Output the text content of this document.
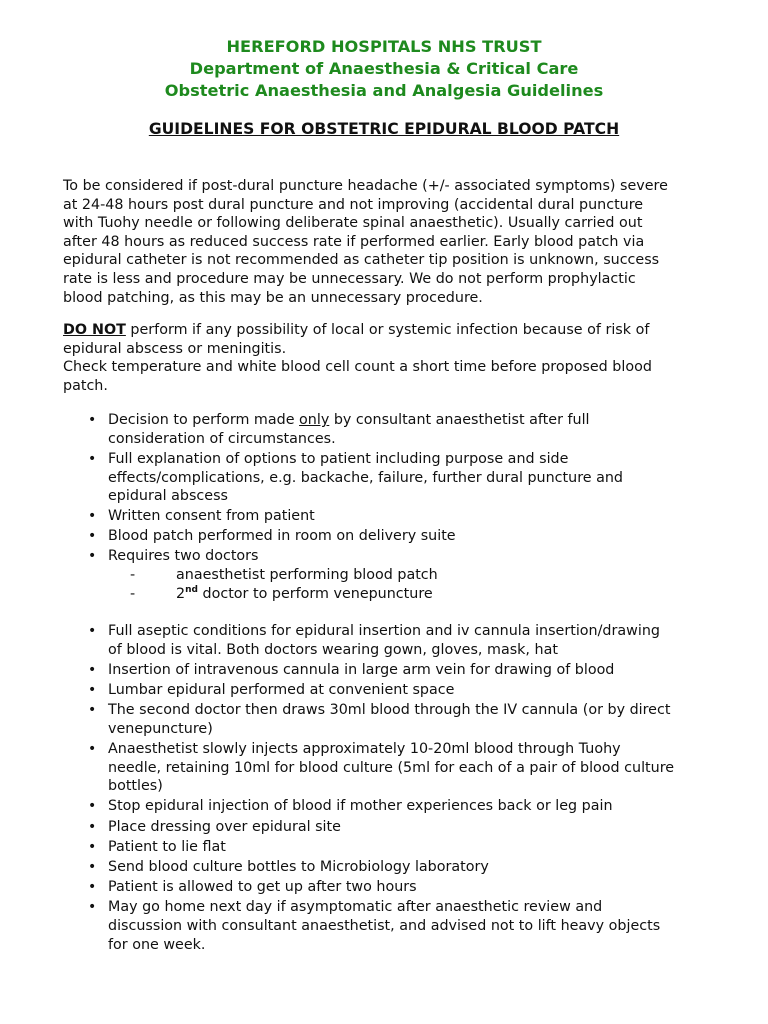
HEREFORD HOSPITALS NHS TRUST
Department of Anaesthesia & Critical Care
Obstetric Anaesthesia and Analgesia Guidelines
GUIDELINES FOR OBSTETRIC EPIDURAL BLOOD PATCH

To be considered if post-dural puncture headache (+/- associated symptoms) severe
at 24-48 hours post dural puncture and not improving (accidental dural puncture
with Tuohy needle or following deliberate spinal anaesthetic). Usually carried out
after 48 hours as reduced success rate if performed earlier. Early blood patch via
epidural catheter is not recommended as catheter tip position is unknown, success
rate is less and procedure may be unnecessary. We do not perform prophylactic
blood patching, as this may be an unnecessary procedure.

DO NOT perform if any possibility of local or systemic infection because of risk of
epidural abscess or meningitis.
Check temperature and white blood cell count a short time before proposed blood
patch.

• Decision to perform made only by consultant anaesthetist after full
consideration of circumstances.
• Full explanation of options to patient including purpose and side
effects/complications, e.g. backache, failure, further dural puncture and
epidural abscess
• Written consent from patient
• Blood patch performed in room on delivery suite
• Requires two doctors
-	anaesthetist performing blood patch
-	2nd doctor to perform venepuncture
• Full aseptic conditions for epidural insertion and iv cannula insertion/drawing
of blood is vital. Both doctors wearing gown, gloves, mask, hat
• Insertion of intravenous cannula in large arm vein for drawing of blood
• Lumbar epidural performed at convenient space
• The second doctor then draws 30ml blood through the IV cannula (or by direct
venepuncture)
• Anaesthetist slowly injects approximately 10-20ml blood through Tuohy
needle, retaining 10ml for blood culture (5ml for each of a pair of blood culture
bottles)
• Stop epidural injection of blood if mother experiences back or leg pain
• Place dressing over epidural site
• Patient to lie flat
• Send blood culture bottles to Microbiology laboratory
• Patient is allowed to get up after two hours
• May go home next day if asymptomatic after anaesthetic review and
discussion with consultant anaesthetist, and advised not to lift heavy objects
for one week.
